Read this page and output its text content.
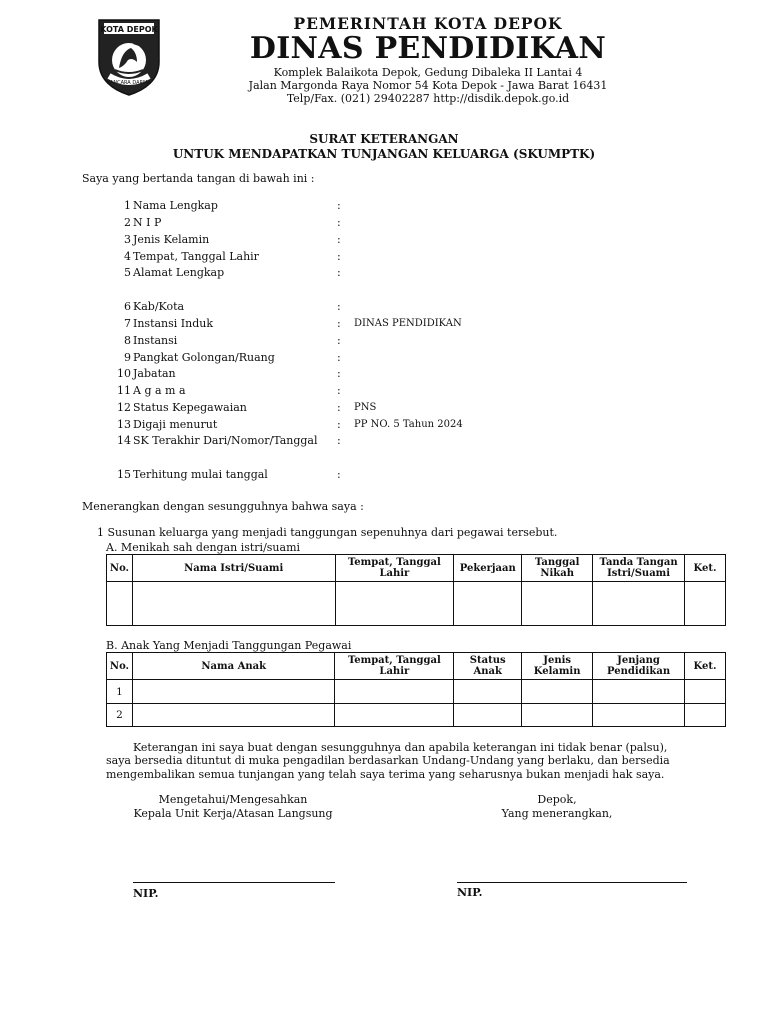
KOTA DEPOK
PANCARA DARMA
PEMERINTAH KOTA DEPOK
DINAS PENDIDIKAN
Komplek Balaikota Depok, Gedung Dibaleka II Lantai 4
Jalan Margonda Raya Nomor 54 Kota Depok - Jawa Barat 16431
Telp/Fax. (021) 29402287 http://disdik.depok.go.id
SURAT KETERANGAN
UNTUK MENDAPATKAN TUNJANGAN KELUARGA (SKUMPTK)
Saya yang bertanda tangan di bawah ini :
1 Nama Lengkap	:
2 N I P	:
3 Jenis Kelamin	:
4 Tempat, Tanggal Lahir	:
5 Alamat Lengkap	:
6 Kab/Kota	:
7 Instansi Induk	: DINAS PENDIDIKAN
8 Instansi	:
9 Pangkat Golongan/Ruang	:
10 Jabatan	:
11 A g a m a	:
12 Status Kepegawaian	: PNS
13 Digaji menurut	: PP NO. 5 Tahun 2024
14 SK Terakhir Dari/Nomor/Tanggal :
15 Terhitung mulai tanggal	:
Menerangkan dengan sesungguhnya bahwa saya :
1 Susunan keluarga yang menjadi tanggungan sepenuhnya dari pegawai tersebut.
A. Menikah sah dengan istri/suami
No.	Nama Istri/Suami	Tempat, Tanggal Lahir	Pekerjaan	Tanggal Nikah	Tanda Tangan Istri/Suami	Ket.

B. Anak Yang Menjadi Tanggungan Pegawai
No.	Nama Anak	Tempat, Tanggal Lahir	Status Anak	Jenis Kelamin	Jenjang Pendidikan	Ket.
1						
2						
Keterangan ini saya buat dengan sesungguhnya dan apabila keterangan ini tidak benar (palsu),
saya bersedia dituntut di muka pengadilan berdasarkan Undang-Undang yang berlaku, dan bersedia
mengembalikan semua tunjangan yang telah saya terima yang seharusnya bukan menjadi hak saya.
Mengetahui/Mengesahkan
Kepala Unit Kerja/Atasan Langsung
Depok,
Yang menerangkan,
NIP.	NIP.
